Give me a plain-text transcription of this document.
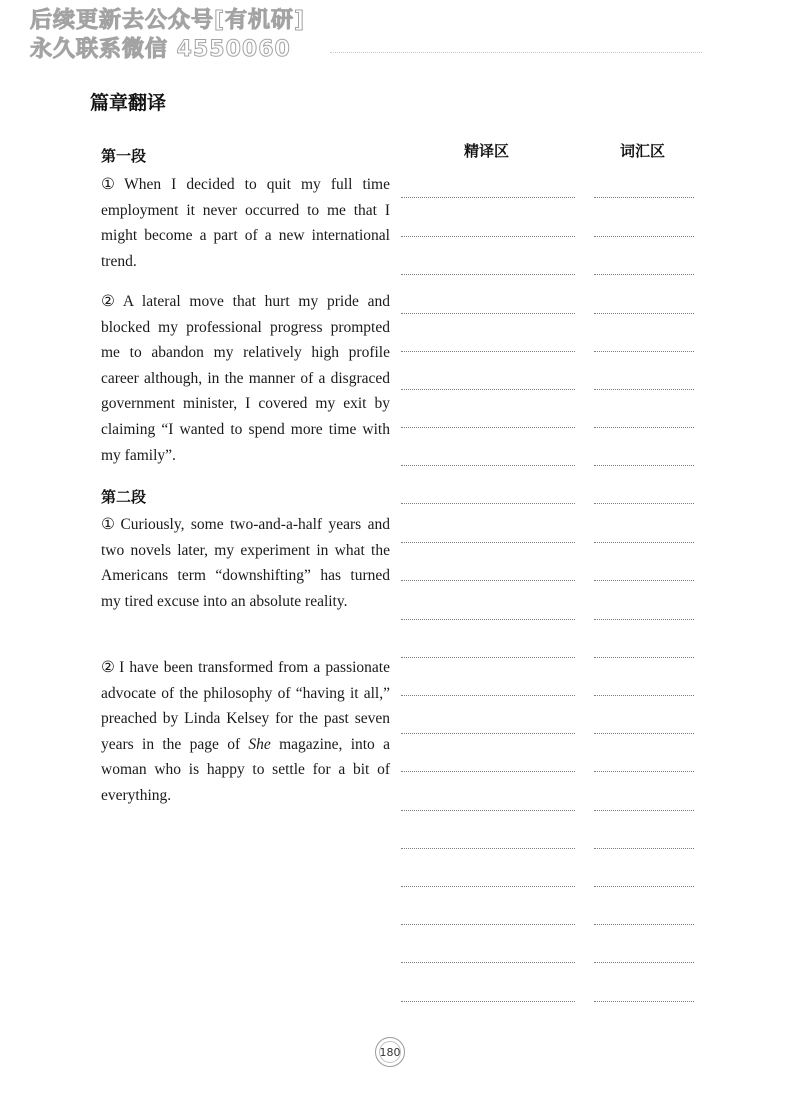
后续更新去公众号[有机研]
永久联系微信 4550060
篇章翻译
精译区	词汇区
第一段
① When I decided to quit my full time employment it never occurred to me that I might become a part of a new international trend.
② A lateral move that hurt my pride and blocked my professional progress prompted me to abandon my relatively high profile career although, in the manner of a disgraced government minister, I covered my exit by claiming “I wanted to spend more time with my family”.
第二段
① Curiously, some two-and-a-half years and two novels later, my experiment in what the Americans term “downshifting” has turned my tired excuse into an absolute reality.
② I have been transformed from a passionate advocate of the philosophy of “having it all,” preached by Linda Kelsey for the past seven years in the page of She magazine, into a woman who is happy to settle for a bit of everything.
180
